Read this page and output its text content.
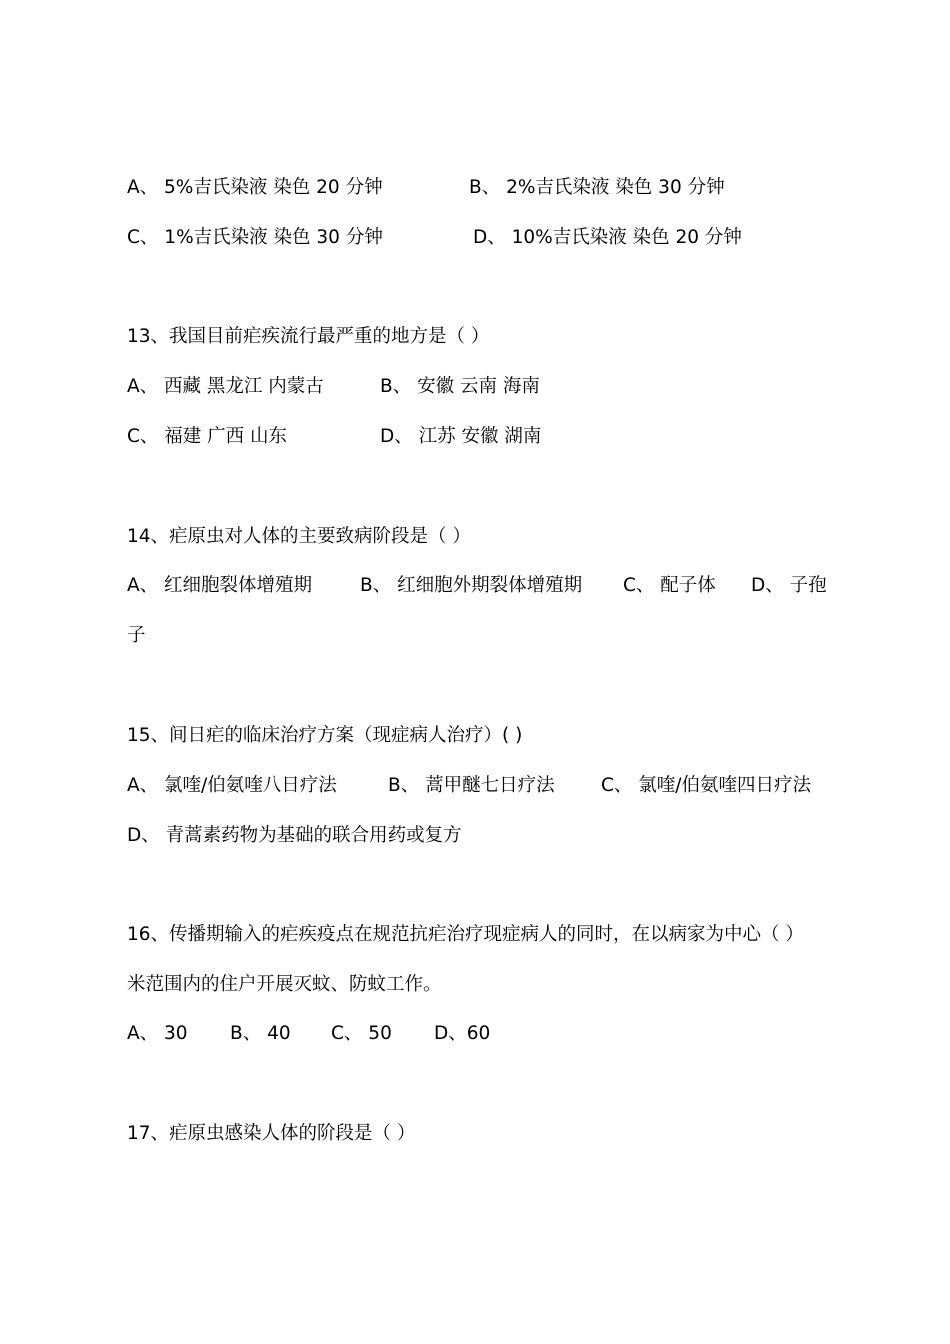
A、 5%吉氏染液 染色 20 分钟	B、 2%吉氏染液 染色 30 分钟
C、 1%吉氏染液 染色 30 分钟	D、 10%吉氏染液 染色 20 分钟
13、我国目前疟疾流行最严重的地方是（ ）
A、 西藏 黑龙江 内蒙古	B、 安徽 云南 海南
C、 福建 广西 山东	D、 江苏 安徽 湖南
14、疟原虫对人体的主要致病阶段是（ ）
A、 红细胞裂体增殖期	B、 红细胞外期裂体增殖期 C、 配子体 D、 子孢
子
15、间日疟的临床治疗方案（现症病人治疗）( )
A、 氯喹/伯氨喹八日疗法	B、 蒿甲醚七日疗法	C、 氯喹/伯氨喹四日疗法
D、 青蒿素药物为基础的联合用药或复方
16、传播期输入的疟疾疫点在规范抗疟治疗现症病人的同时，在以病家为中心（ ）
米范围内的住户开展灭蚊、防蚊工作。
A、 30 B、 40 C、 50 D、60
17、疟原虫感染人体的阶段是（ ）
